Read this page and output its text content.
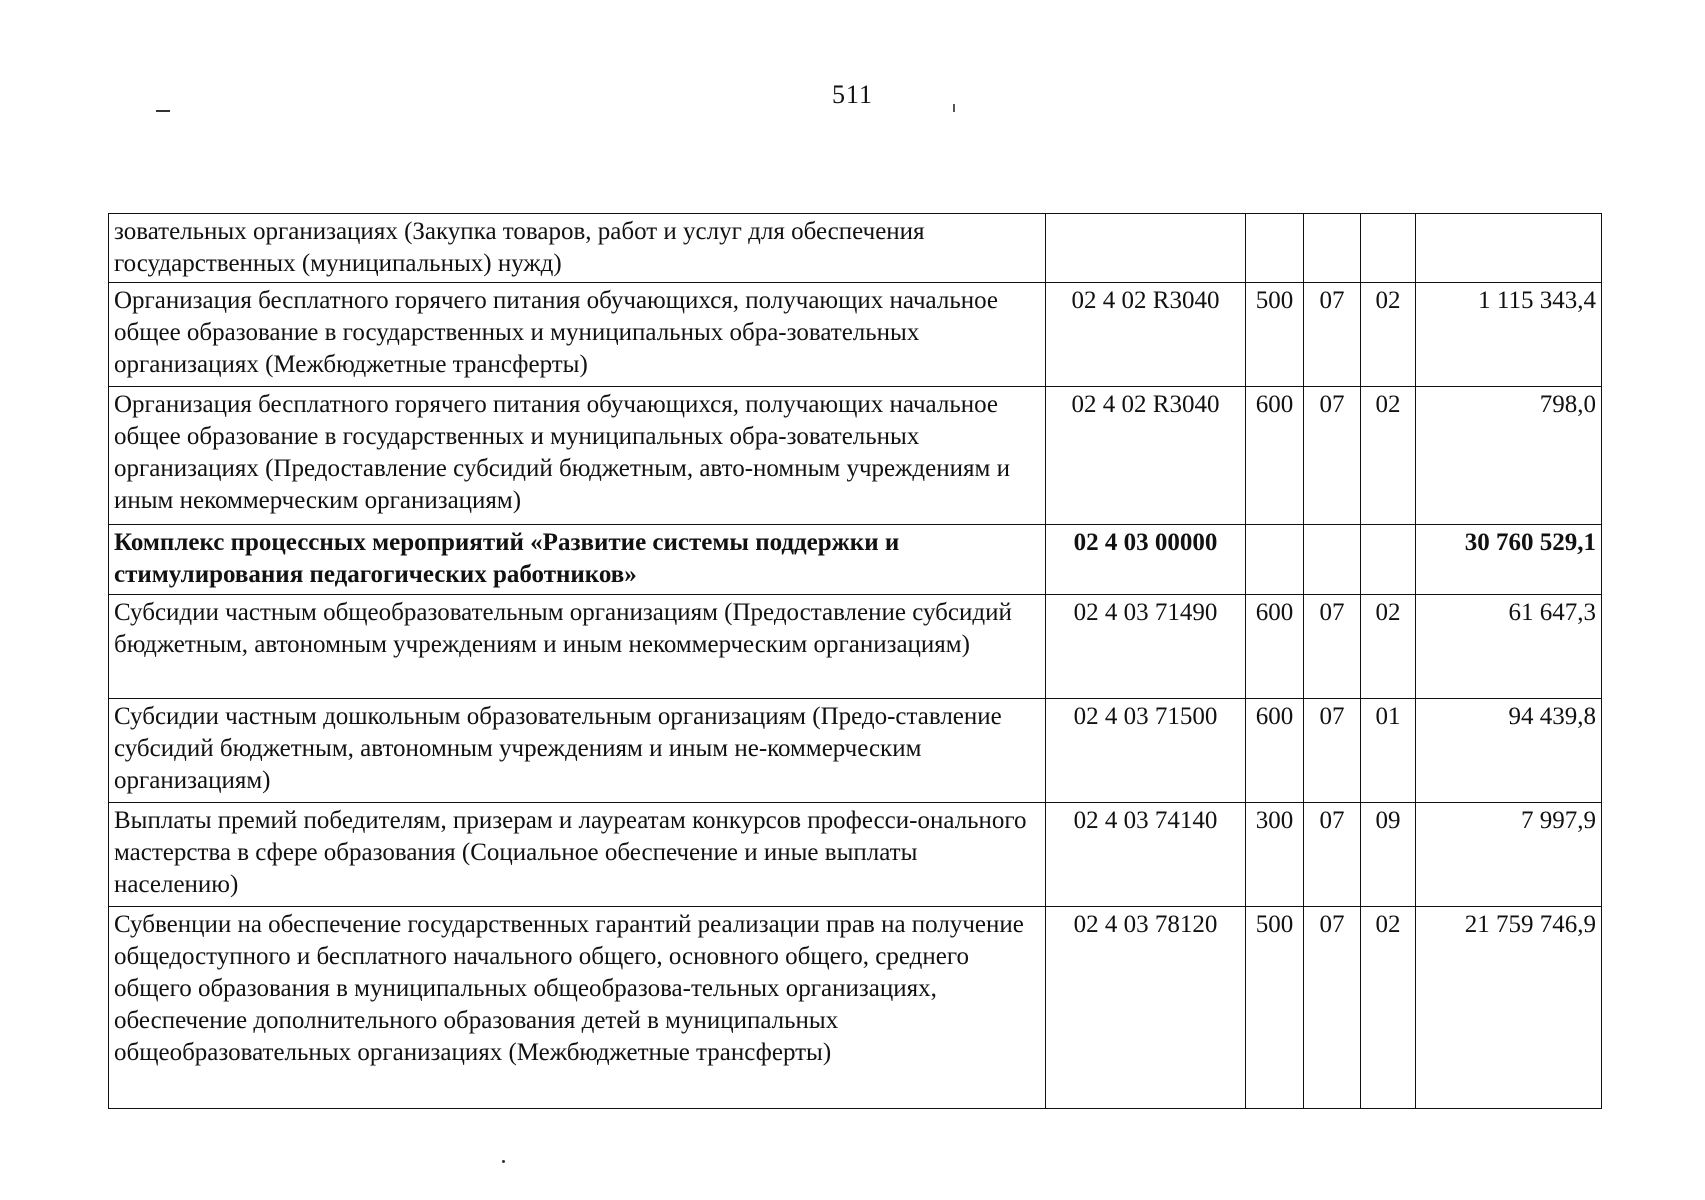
511
зовательных организациях (Закупка товаров, работ и услуг для обеспечения государственных (муниципальных) нужд)					
Организация бесплатного горячего питания обучающихся, получающих начальное общее образование в государственных и муниципальных обра-зовательных организациях (Межбюджетные трансферты)	02 4 02 R3040	500	07	02	1 115 343,4
Организация бесплатного горячего питания обучающихся, получающих начальное общее образование в государственных и муниципальных обра-зовательных организациях (Предоставление субсидий бюджетным, авто-номным учреждениям и иным некоммерческим организациям)	02 4 02 R3040	600	07	02	798,0
Комплекс процессных мероприятий «Развитие системы поддержки и стимулирования педагогических работников»	02 4 03 00000				30 760 529,1
Субсидии частным общеобразовательным организациям (Предоставление субсидий бюджетным, автономным учреждениям и иным некоммерческим организациям)	02 4 03 71490	600	07	02	61 647,3
Субсидии частным дошкольным образовательным организациям (Предо-ставление субсидий бюджетным, автономным учреждениям и иным не-коммерческим организациям)	02 4 03 71500	600	07	01	94 439,8
Выплаты премий победителям, призерам и лауреатам конкурсов професси-онального мастерства в сфере образования (Социальное обеспечение и иные выплаты населению)	02 4 03 74140	300	07	09	7 997,9
Субвенции на обеспечение государственных гарантий реализации прав на получение общедоступного и бесплатного начального общего, основного общего, среднего общего образования в муниципальных общеобразова-тельных организациях, обеспечение дополнительного образования детей в муниципальных общеобразовательных организациях (Межбюджетные трансферты)	02 4 03 78120	500	07	02	21 759 746,9
